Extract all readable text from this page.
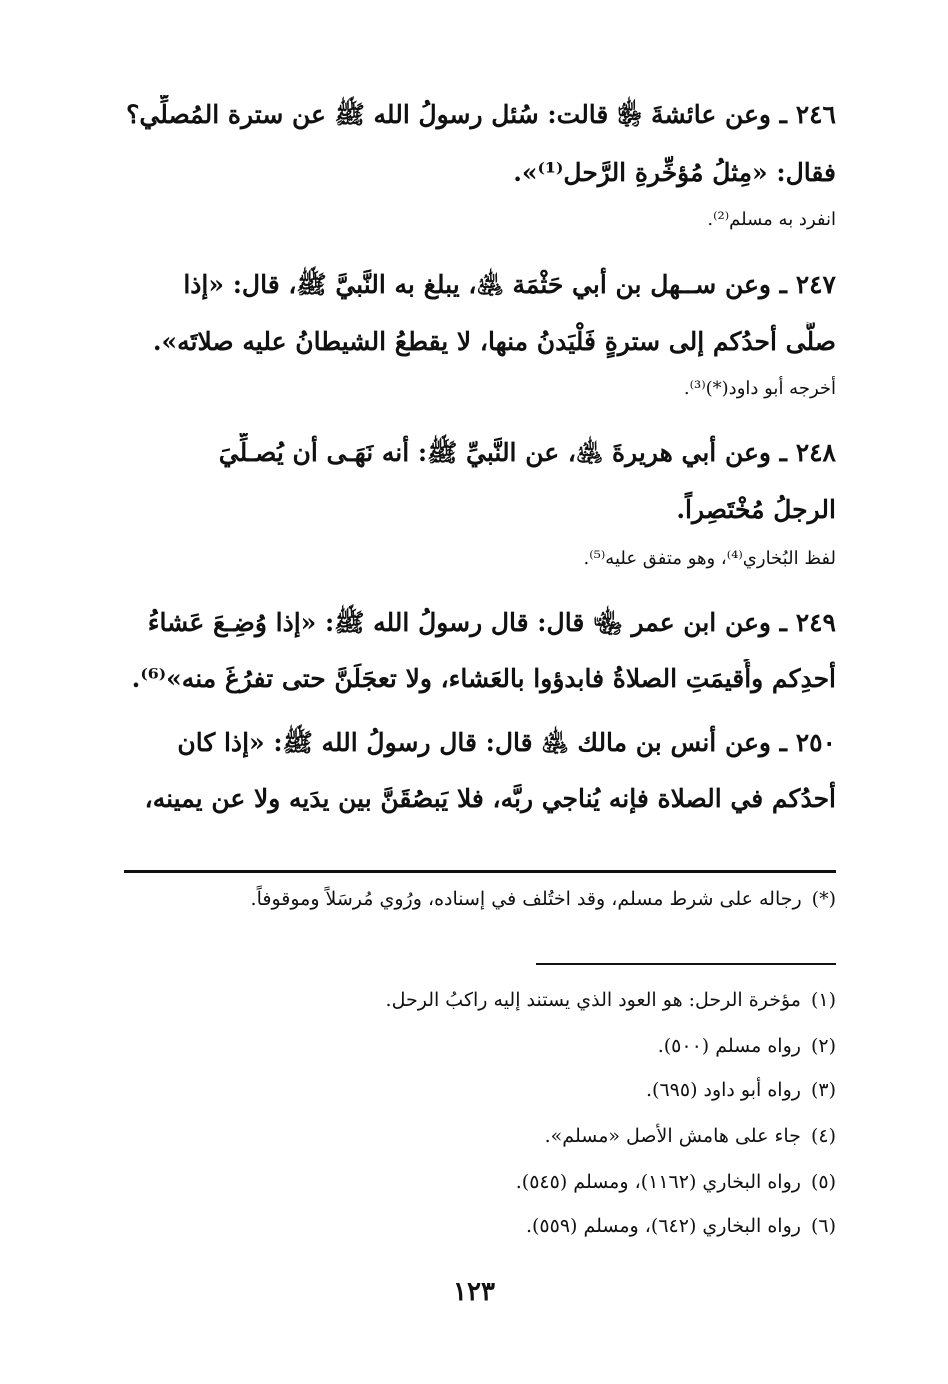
٢٤٦ ـ وعن عائشةَ ﵂ قالت: سُئل رسولُ الله ﷺ عن سترة المُصلِّي؟
فقال: «مِثلُ مُؤخِّرةِ الرَّحل⁽¹⁾».
انفرد به مسلم⁽²⁾.
٢٤٧ ـ وعن ســهل بن أبي حَثْمَة ﵁، يبلغ به النَّبيَّ ﷺ، قال: «إذا
صلَّى أحدُكم إلى سترةٍ فَلْيَدنُ منها، لا يقطعُ الشيطانُ عليه صلاتَه».
أخرجه أبو داود(*)⁽³⁾.
٢٤٨ ـ وعن أبي هريرةَ ﵁، عن النَّبيِّ ﷺ: أنه نَهَـى أن يُصـلِّيَ
الرجلُ مُخْتَصِراً.
لفظ البُخاري⁽⁴⁾، وهو متفق عليه⁽⁵⁾.
٢٤٩ ـ وعن ابن عمر ﵄ قال: قال رسولُ الله ﷺ: «إذا وُضِـعَ عَشاءُ
أحدِكم وأُقيمَتِ الصلاةُ فابدؤوا بالعَشاء، ولا تعجَلَنَّ حتى تفرُغَ منه»⁽⁶⁾.
٢٥٠ ـ وعن أنس بن مالك ﵁ قال: قال رسولُ الله ﷺ: «إذا كان
أحدُكم في الصلاة فإنه يُناجي ربَّه، فلا يَبصُقَنَّ بين يدَيه ولا عن يمينه،
(*)رجاله على شرط مسلم، وقد اختُلف في إسناده، ورُوي مُرسَلاً وموقوفاً.
(١)مؤخرة الرحل: هو العود الذي يستند إليه راكبُ الرحل.
(٢)رواه مسلم (٥٠٠).
(٣)رواه أبو داود (٦٩٥).
(٤)جاء على هامش الأصل «مسلم».
(٥)رواه البخاري (١١٦٢)، ومسلم (٥٤٥).
(٦)رواه البخاري (٦٤٢)، ومسلم (٥٥٩).
١٢٣
